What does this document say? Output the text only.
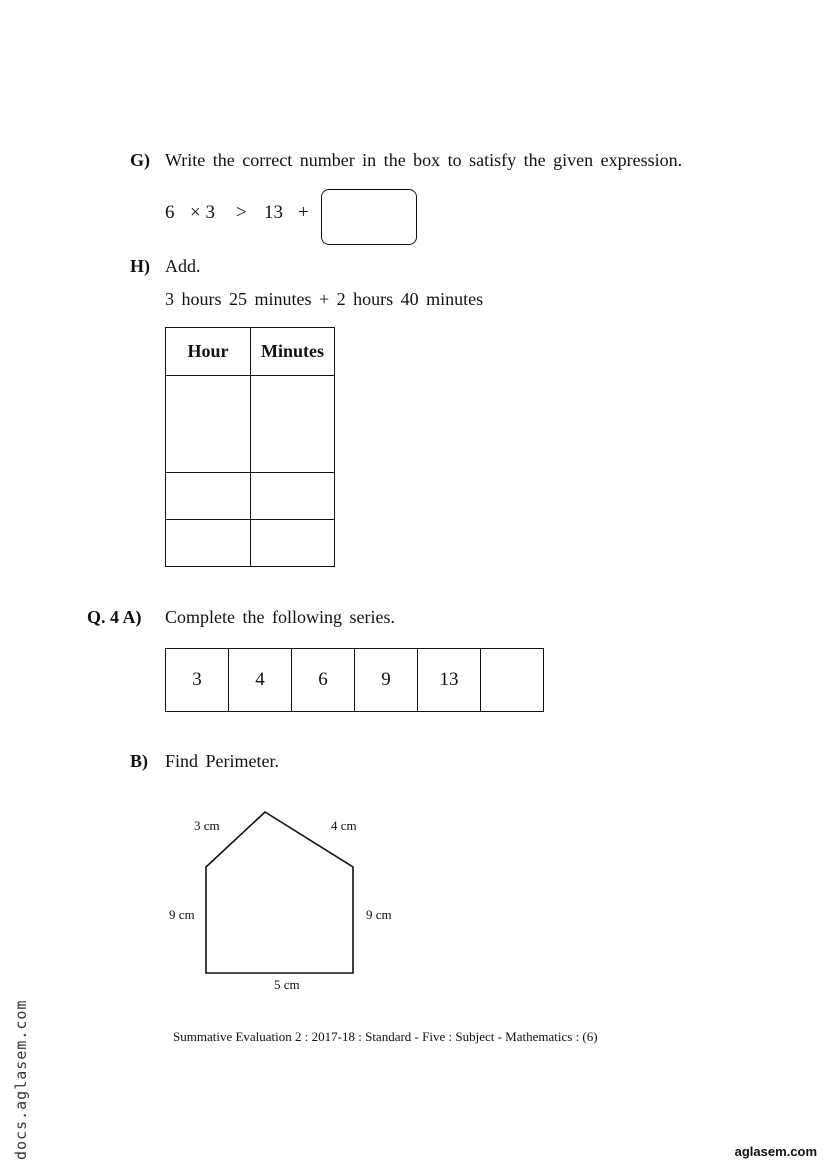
G) Write the correct number in the box to satisfy the given expression.
6 × 3 > 13 +
H) Add.
3 hours 25 minutes + 2 hours 40 minutes
Hour	Minutes

Q. 4 A) Complete the following series.
3	4	6	9	13	
B) Find Perimeter.
3 cm	4 cm
9 cm	9 cm
5 cm
Summative Evaluation 2 : 2017-18 : Standard - Five : Subject - Mathematics : (6)
docs.aglasem.com	aglasem.com
